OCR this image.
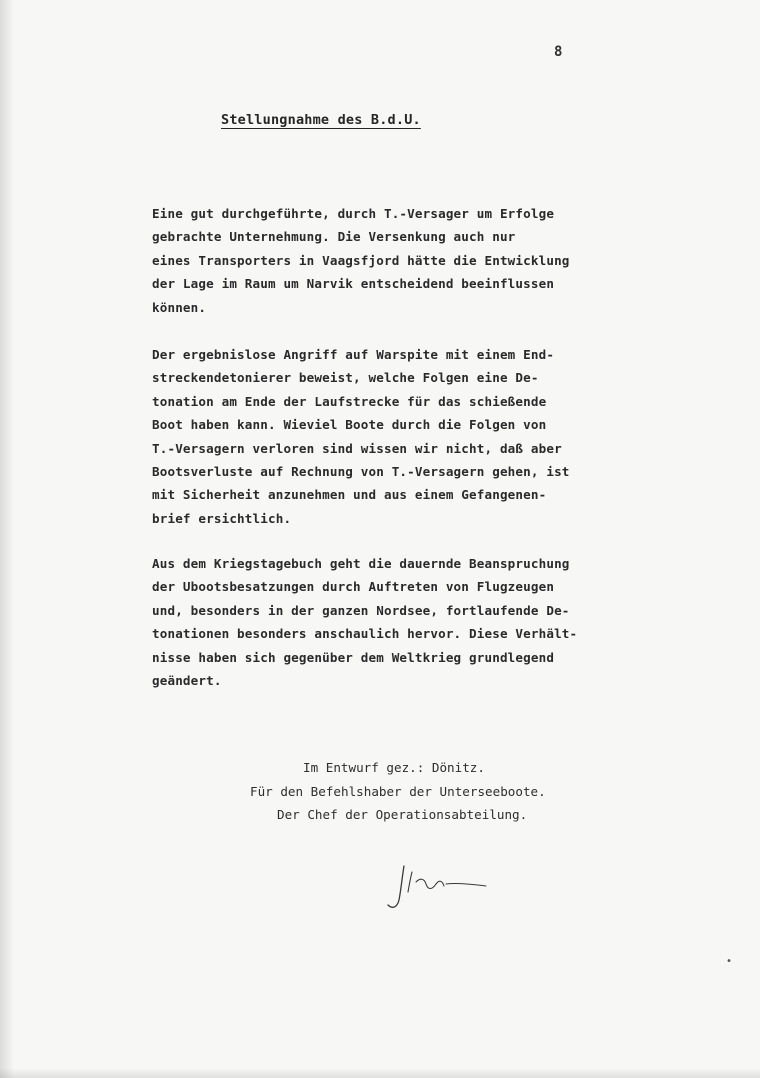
8
•
Stellungnahme des B.d.U.

Eine gut durchgeführte, durch T.-Versager um Erfolge
gebrachte Unternehmung. Die Versenkung auch nur
eines Transporters in Vaagsfjord hätte die Entwicklung
der Lage im Raum um Narvik entscheidend beeinflussen
können.

Der ergebnislose Angriff auf Warspite mit einem End-
streckendetonierer beweist, welche Folgen eine De-
tonation am Ende der Laufstrecke für das schießende
Boot haben kann. Wieviel Boote durch die Folgen von
T.-Versagern verloren sind wissen wir nicht, daß aber
Bootsverluste auf Rechnung von T.-Versagern gehen, ist
mit Sicherheit anzunehmen und aus einem Gefangenen-
brief ersichtlich.

Aus dem Kriegstagebuch geht die dauernde Beanspruchung
der Ubootsbesatzungen durch Auftreten von Flugzeugen
und, besonders in der ganzen Nordsee, fortlaufende De-
tonationen besonders anschaulich hervor. Diese Verhält-
nisse haben sich gegenüber dem Weltkrieg grundlegend
geändert.

Im Entwurf gez.: Dönitz.
Für den Befehlshaber der Unterseeboote.
Der Chef der Operationsabteilung.
